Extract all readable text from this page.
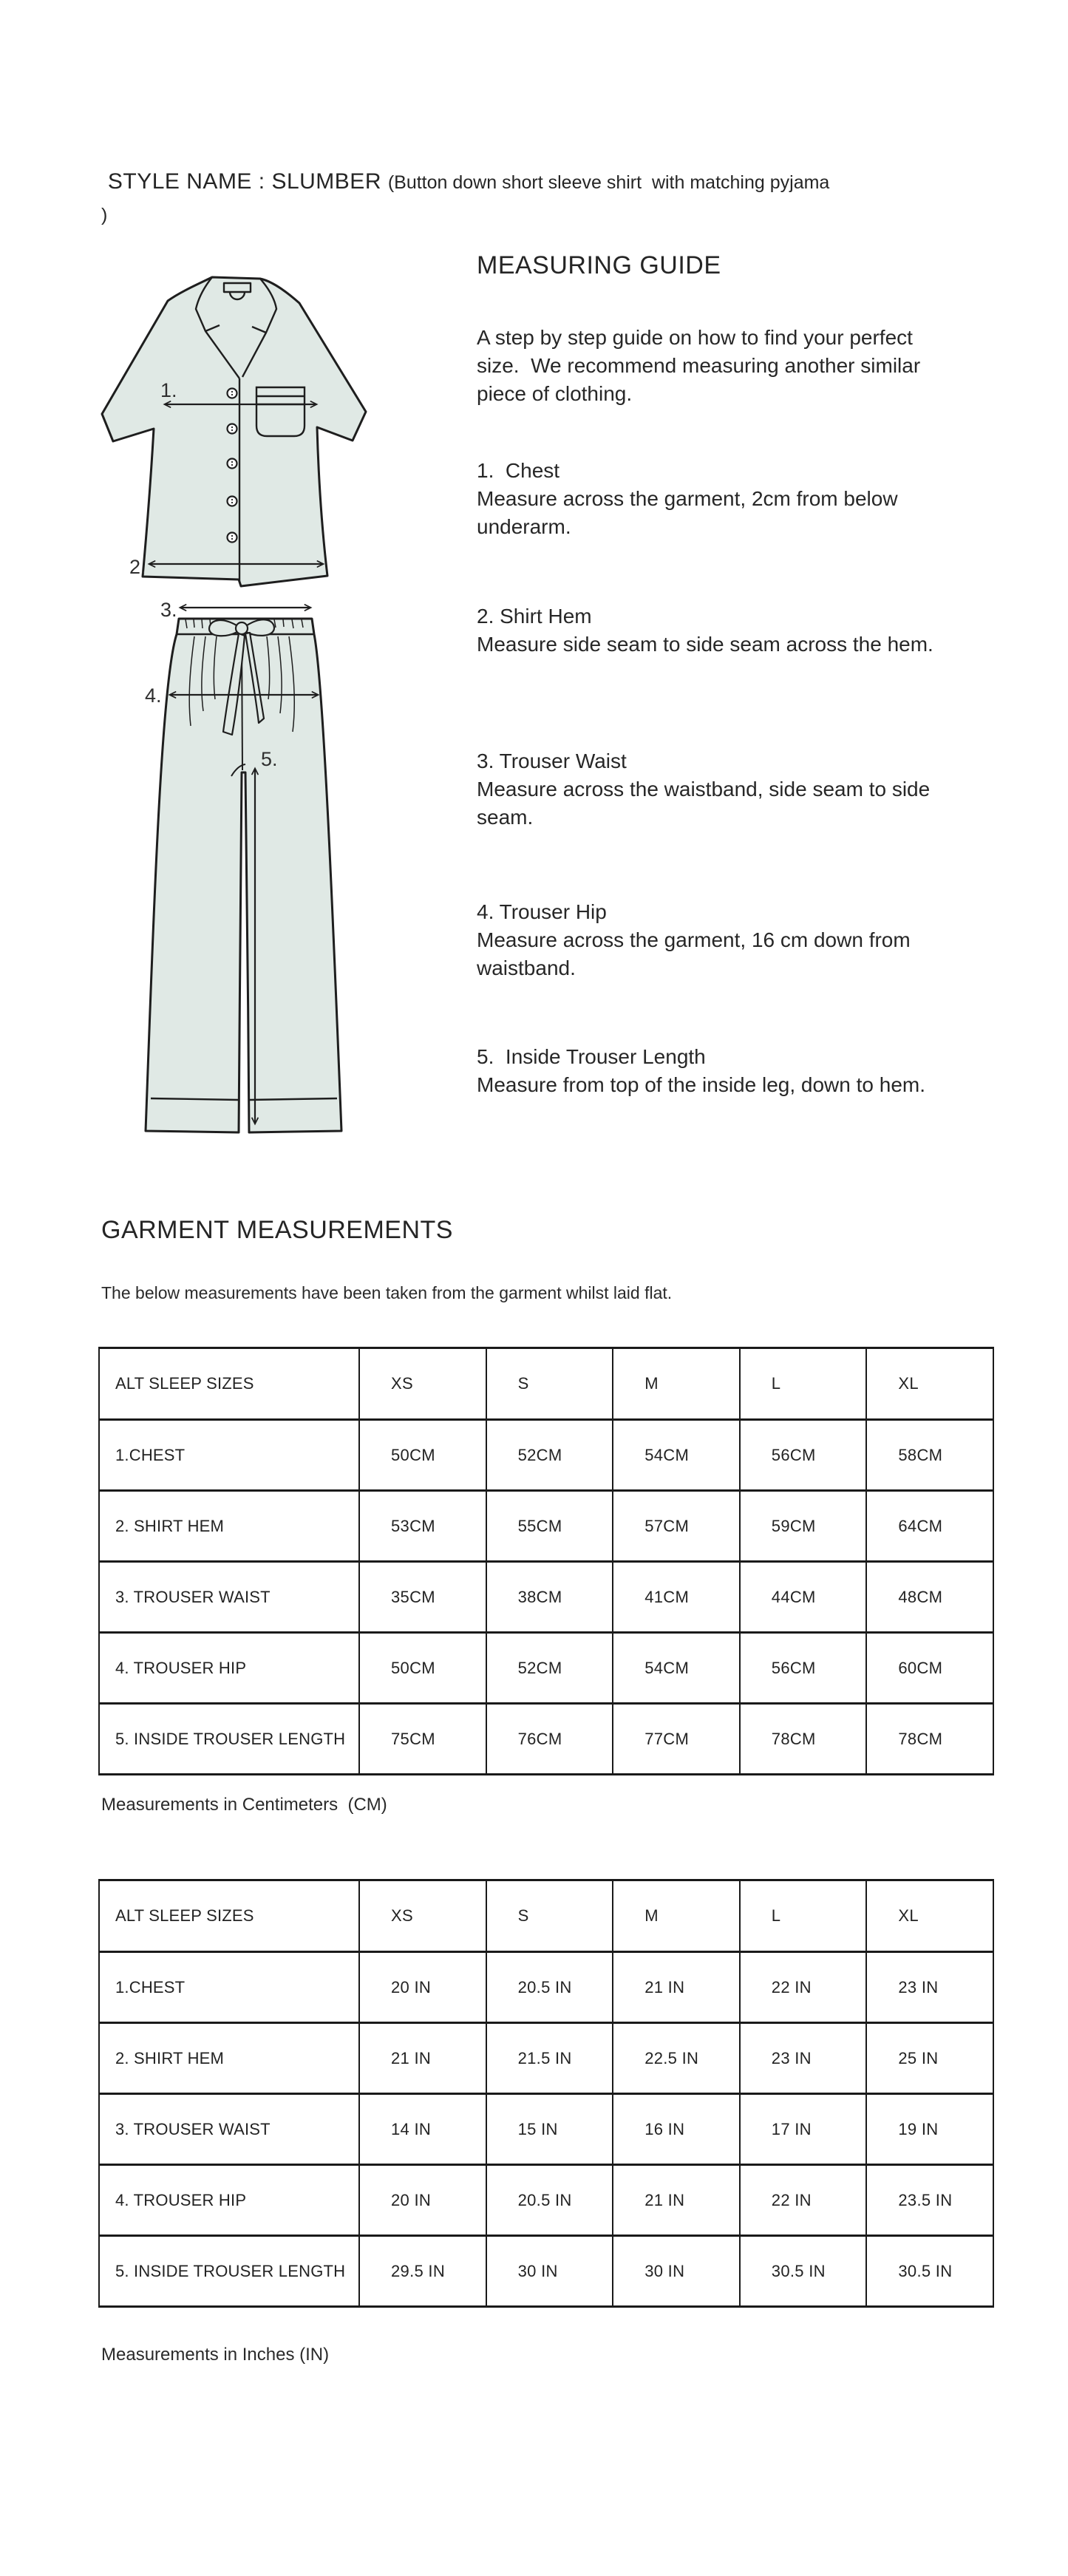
STYLE NAME : SLUMBER (Button down short sleeve shirt  with matching pyjama )

1.
2.
3.
4.
5.
MEASURING GUIDE

A step by step guide on how to find your perfect size.  We recommend measuring another similar piece of clothing.

1.  Chest
Measure across the garment, 2cm from below underarm.
2. Shirt Hem
Measure side seam to side seam across the hem.
3. Trouser Waist
Measure across the waistband, side seam to side seam.
4. Trouser Hip
Measure across the garment, 16 cm down from waistband.
5.  Inside Trouser Length
Measure from top of the inside leg, down to hem.
GARMENT MEASUREMENTS

The below measurements have been taken from the garment whilst laid flat.

ALT SLEEP SIZES	XS	S	M	L	XL
1.CHEST	50CM	52CM	54CM	56CM	58CM
2. SHIRT HEM	53CM	55CM	57CM	59CM	64CM
3. TROUSER WAIST	35CM	38CM	41CM	44CM	48CM
4. TROUSER HIP	50CM	52CM	54CM	56CM	60CM
5. INSIDE TROUSER LENGTH	75CM	76CM	77CM	78CM	78CM

Measurements in Centimeters  (CM)

ALT SLEEP SIZES	XS	S	M	L	XL
1.CHEST	20 IN	20.5 IN	21 IN	22 IN	23 IN
2. SHIRT HEM	21 IN	21.5 IN	22.5 IN	23 IN	25 IN
3. TROUSER WAIST	14 IN	15 IN	16 IN	17 IN	19 IN
4. TROUSER HIP	20 IN	20.5 IN	21 IN	22 IN	23.5 IN
5. INSIDE TROUSER LENGTH	29.5 IN	30 IN	30 IN	30.5 IN	30.5 IN

Measurements in Inches (IN)
